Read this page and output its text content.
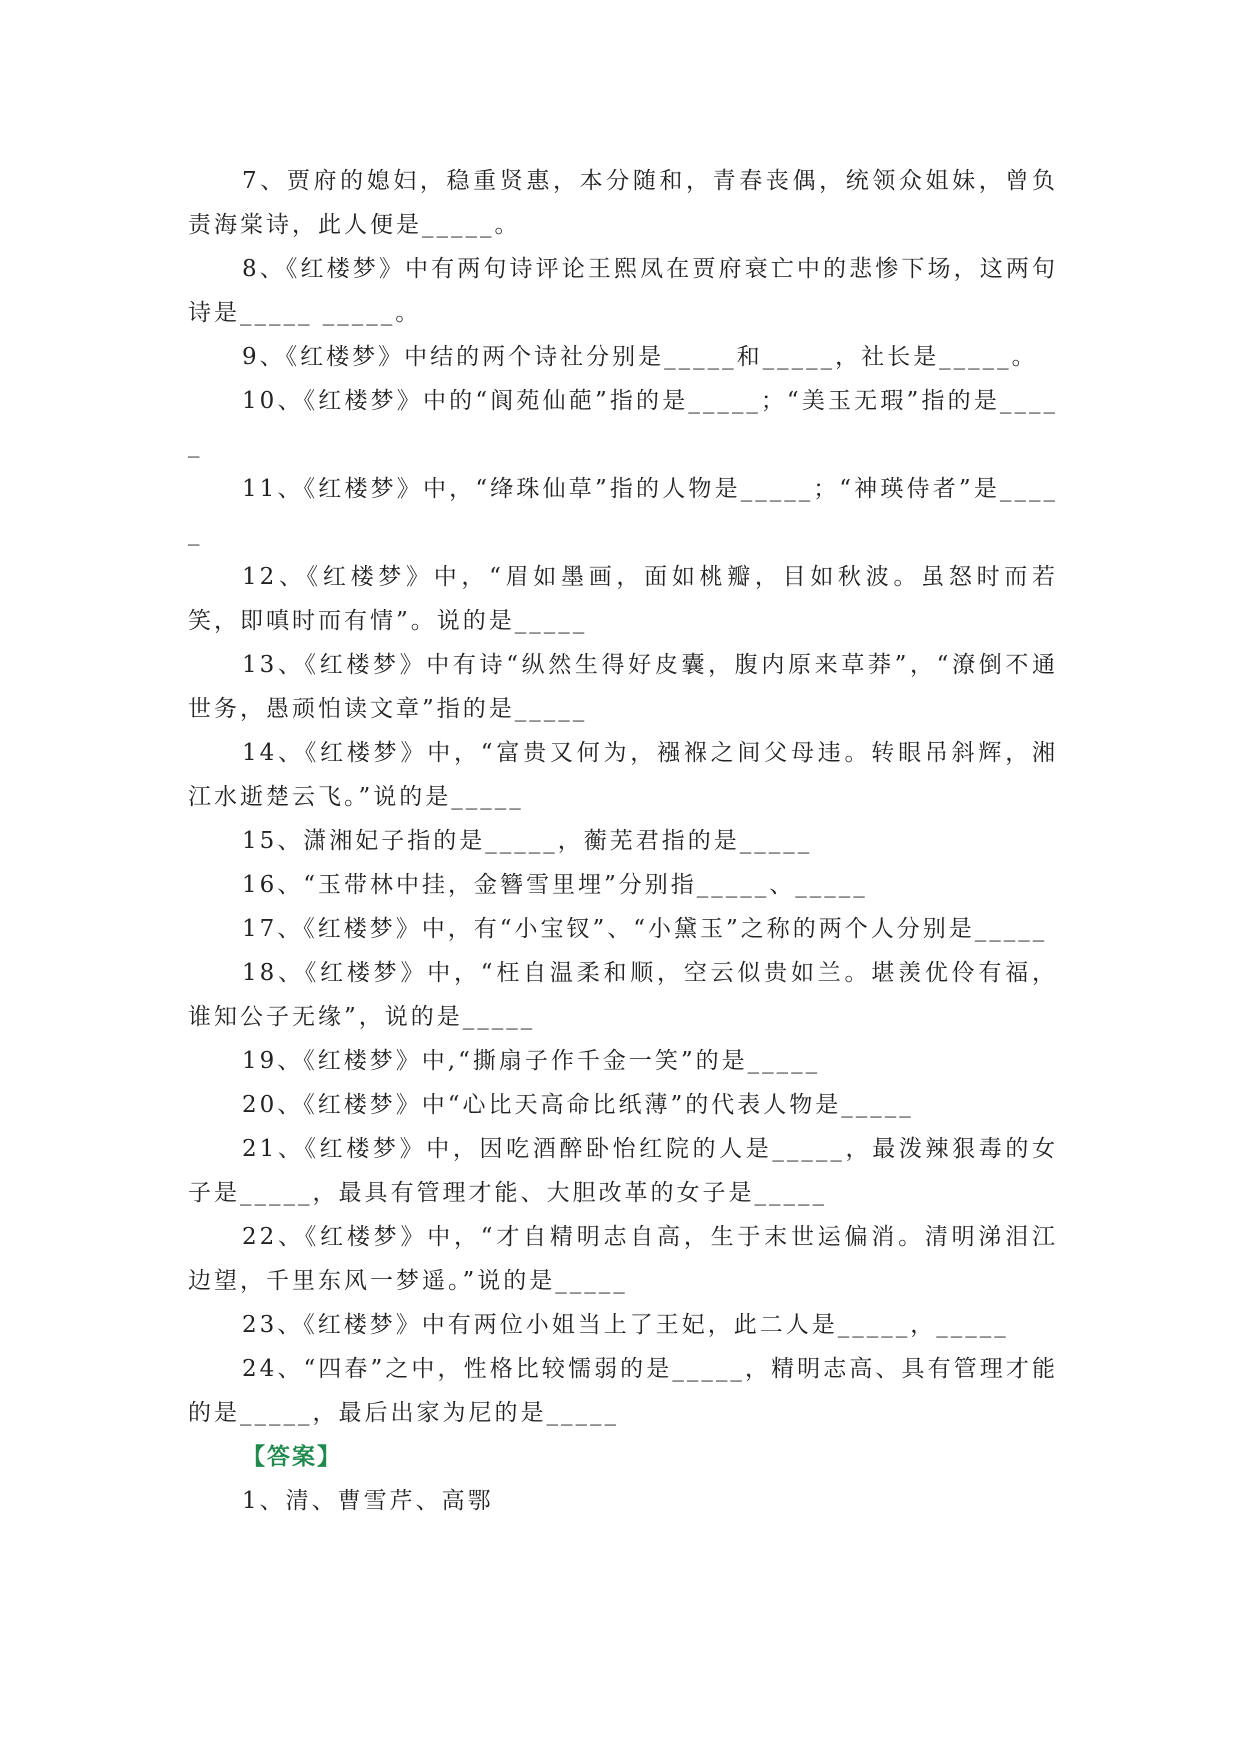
7、贾府的媳妇，稳重贤惠，本分随和，青春丧偶，统领众姐妹，曾负责海棠诗，此人便是_____。

8、《红楼梦》中有两句诗评论王熙凤在贾府衰亡中的悲惨下场，这两句诗是_____ _____。

9、《红楼梦》中结的两个诗社分别是_____和_____，社长是_____。

10、《红楼梦》中的“阆苑仙葩”指的是_____；“美玉无瑕”指的是_____

11、《红楼梦》中，“绛珠仙草”指的人物是_____；“神瑛侍者”是_____

12、《红楼梦》中，“眉如墨画，面如桃瓣，目如秋波。虽怒时而若笑，即嗔时而有情”。说的是_____

13、《红楼梦》中有诗“纵然生得好皮囊，腹内原来草莽”，“潦倒不通世务，愚顽怕读文章”指的是_____

14、《红楼梦》中，“富贵又何为，襁褓之间父母违。转眼吊斜辉，湘江水逝楚云飞。”说的是_____

15、潇湘妃子指的是_____，蘅芜君指的是_____

16、“玉带林中挂，金簪雪里埋”分别指_____、_____

17、《红楼梦》中，有“小宝钗”、“小黛玉”之称的两个人分别是_____

18、《红楼梦》中，“枉自温柔和顺，空云似贵如兰。堪羡优伶有福，谁知公子无缘”，说的是_____

19、《红楼梦》中,“撕扇子作千金一笑”的是_____

20、《红楼梦》中“心比天高命比纸薄”的代表人物是_____

21、《红楼梦》中，因吃酒醉卧怡红院的人是_____，最泼辣狠毒的女子是_____，最具有管理才能、大胆改革的女子是_____

22、《红楼梦》中，“才自精明志自高，生于末世运偏消。清明涕泪江边望，千里东风一梦遥。”说的是_____

23、《红楼梦》中有两位小姐当上了王妃，此二人是_____，_____

24、“四春”之中，性格比较懦弱的是_____，精明志高、具有管理才能的是_____，最后出家为尼的是_____

【答案】

1、清、曹雪芹、高鄂
